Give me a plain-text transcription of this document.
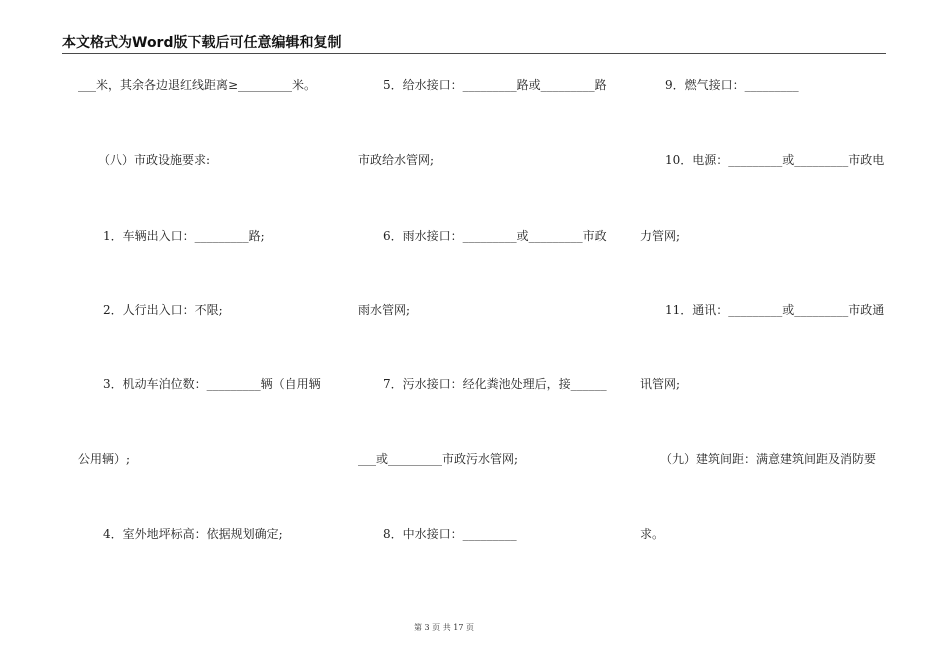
本文格式为Word版下载后可任意编辑和复制
___米，其余各边退红线距离≥_________米。
（八）市政设施要求:
1．车辆出入口：_________路;
2．人行出入口：不限;
3．机动车泊位数：_________辆（自用辆
公用辆）;
4．室外地坪标高：依据规划确定;
5．给水接口：_________路或_________路
市政给水管网;
6．雨水接口：_________或_________市政
雨水管网;
7．污水接口：经化粪池处理后，接______
___或_________市政污水管网;
8．中水接口：_________
9．燃气接口：_________
10．电源：_________或_________市政电
力管网;
11．通讯：_________或_________市政通
讯管网;
（九）建筑间距：满意建筑间距及消防要
求。
第 3 页 共 17 页
